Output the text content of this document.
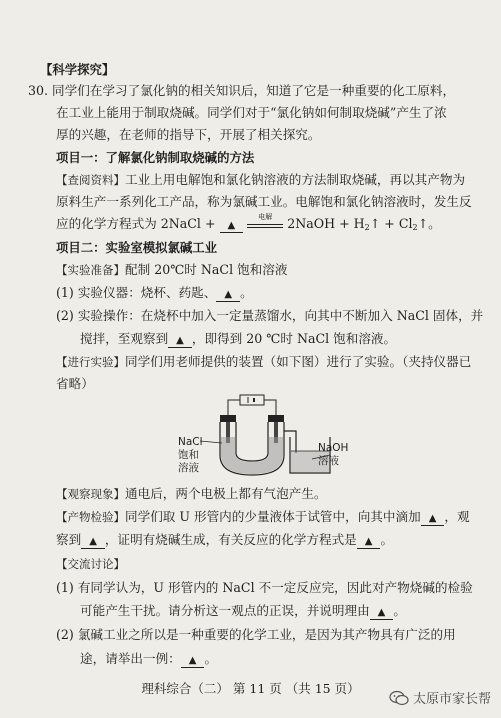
【科学探究】
30. 同学们在学习了氯化钠的相关知识后，知道了它是一种重要的化工原料，
在工业上能用于制取烧碱。同学们对于“氯化钠如何制取烧碱”产生了浓
厚的兴趣，在老师的指导下，开展了相关探究。
项目一：了解氯化钠制取烧碱的方法
【查阅资料】工业上用电解饱和氯化钠溶液的方法制取烧碱，再以其产物为
原料生产一系列化工产品，称为氯碱工业。电解饱和氯化钠溶液时，发生反
应的化学方程式为 2NaCl + ▲
电解	2NaOH + $H_2↑$ + $Cl_2↑$。
项目二：实验室模拟氯碱工业
【实验准备】配制 20℃时 NaCl 饱和溶液
(1) 实验仪器：烧杯、药匙、 ▲ 。
(2) 实验操作：在烧杯中加入一定量蒸馏水，向其中不断加入 NaCl 固体，并
搅拌，至观察到 ▲ ，即得到 20 ℃时 NaCl 饱和溶液。
【进行实验】同学们用老师提供的装置（如下图）进行了实验。（夹持仪器已
省略）
NaCl
饱和
溶液
NaOH
溶液
【观察现象】通电后，两个电极上都有气泡产生。
【产物检验】同学们取 U 形管内的少量液体于试管中，向其中滴加 ▲ ，观
察到 ▲ ，证明有烧碱生成，有关反应的化学方程式是 ▲ 。
【交流讨论】
(1) 有同学认为，U 形管内的 NaCl 不一定反应完，因此对产物烧碱的检验
可能产生干扰。请分析这一观点的正误，并说明理由 ▲ 。
(2) 氯碱工业之所以是一种重要的化学工业，是因为其产物具有广泛的用
途，请举出一例： ▲ 。
理科综合（二） 第 11 页 （共 15 页）
太原市家长帮
